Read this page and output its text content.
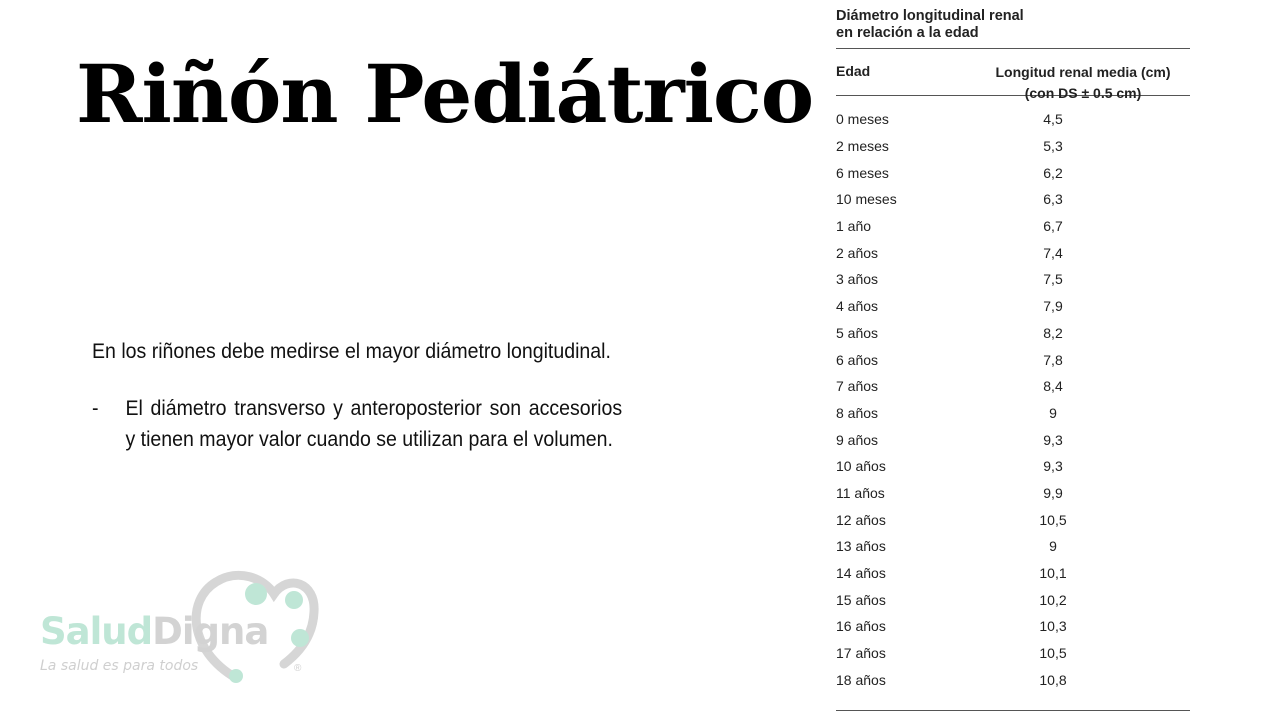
Riñón Pediátrico

En los riñones debe medirse el mayor diámetro longitudinal.

-	El diámetro transverso y anteroposterior son accesorios y tienen mayor valor cuando se utilizan para el volumen.
Diámetro longitudinal renal
en relación a la edad
Edad	Longitud renal media (cm)
(con DS ± 0.5 cm)
0 meses	4,5
2 meses	5,3
6 meses	6,2
10 meses	6,3
1 año	6,7
2 años	7,4
3 años	7,5
4 años	7,9
5 años	8,2
6 años	7,8
7 años	8,4
8 años	9
9 años	9,3
10 años	9,3
11 años	9,9
12 años	10,5
13 años	9
14 años	10,1
15 años	10,2
16 años	10,3
17 años	10,5
18 años	10,8
SaludDigna
La salud es para todos	®
